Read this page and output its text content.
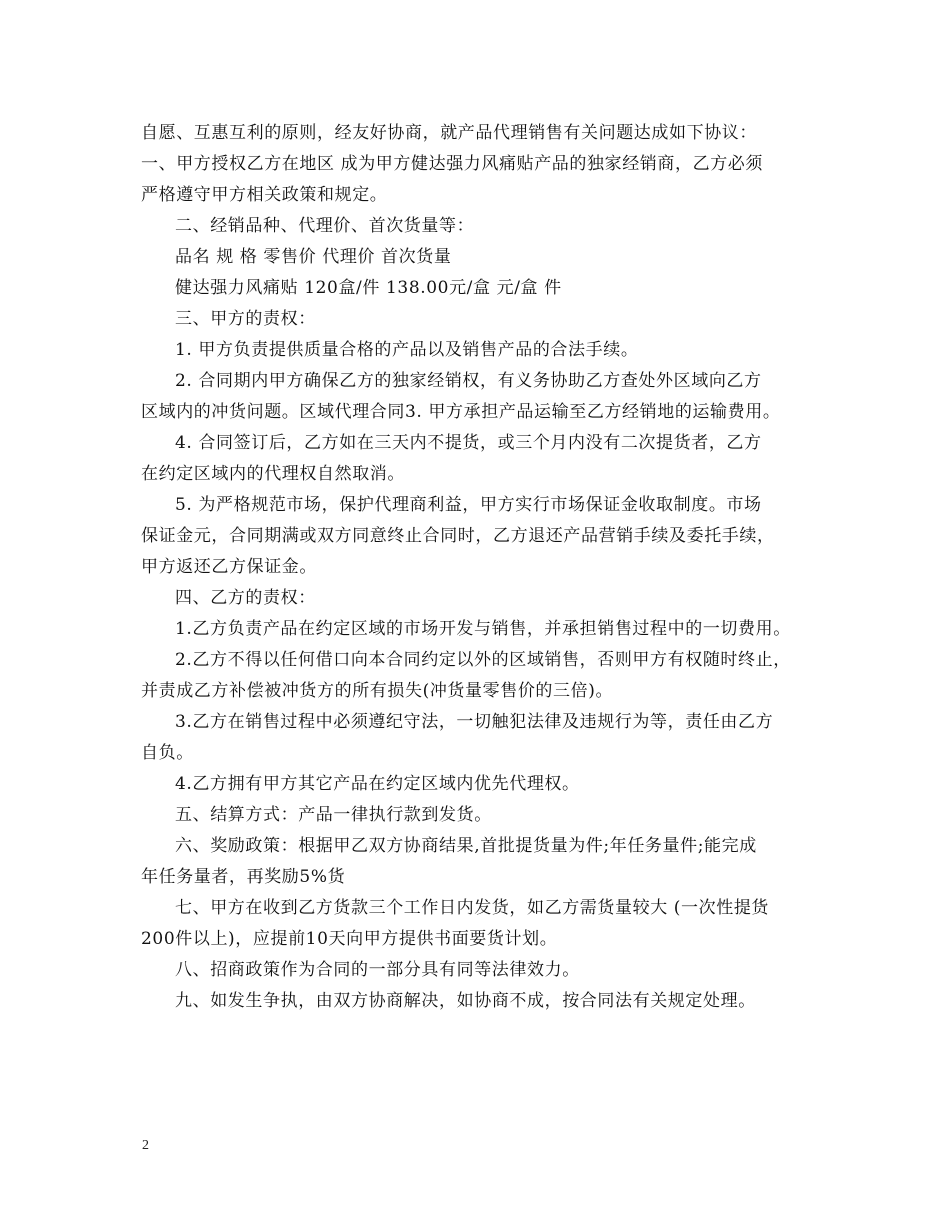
自愿、互惠互利的原则，经友好协商，就产品代理销售有关问题达成如下协议：
一、甲方授权乙方在地区 成为甲方健达强力风痛贴产品的独家经销商，乙方必须
严格遵守甲方相关政策和规定。
二、经销品种、代理价、首次货量等：
品名 规 格 零售价 代理价 首次货量
健达强力风痛贴 120盒/件 138.00元/盒 元/盒 件
三、甲方的责权：
1. 甲方负责提供质量合格的产品以及销售产品的合法手续。
2. 合同期内甲方确保乙方的独家经销权，有义务协助乙方查处外区域向乙方
区域内的冲货问题。区域代理合同3. 甲方承担产品运输至乙方经销地的运输费用。
4. 合同签订后，乙方如在三天内不提货，或三个月内没有二次提货者，乙方
在约定区域内的代理权自然取消。
5. 为严格规范市场，保护代理商利益，甲方实行市场保证金收取制度。市场
保证金元，合同期满或双方同意终止合同时，乙方退还产品营销手续及委托手续，
甲方返还乙方保证金。
四、乙方的责权：
1.乙方负责产品在约定区域的市场开发与销售，并承担销售过程中的一切费用。
2.乙方不得以任何借口向本合同约定以外的区域销售，否则甲方有权随时终止，
并责成乙方补偿被冲货方的所有损失(冲货量零售价的三倍)。
3.乙方在销售过程中必须遵纪守法，一切触犯法律及违规行为等，责任由乙方
自负。
4.乙方拥有甲方其它产品在约定区域内优先代理权。
五、结算方式：产品一律执行款到发货。
六、奖励政策：根据甲乙双方协商结果,首批提货量为件;年任务量件;能完成
年任务量者，再奖励5%货
七、甲方在收到乙方货款三个工作日内发货，如乙方需货量较大 (一次性提货
200件以上)，应提前10天向甲方提供书面要货计划。
八、招商政策作为合同的一部分具有同等法律效力。
九、如发生争执，由双方协商解决，如协商不成，按合同法有关规定处理。
2
